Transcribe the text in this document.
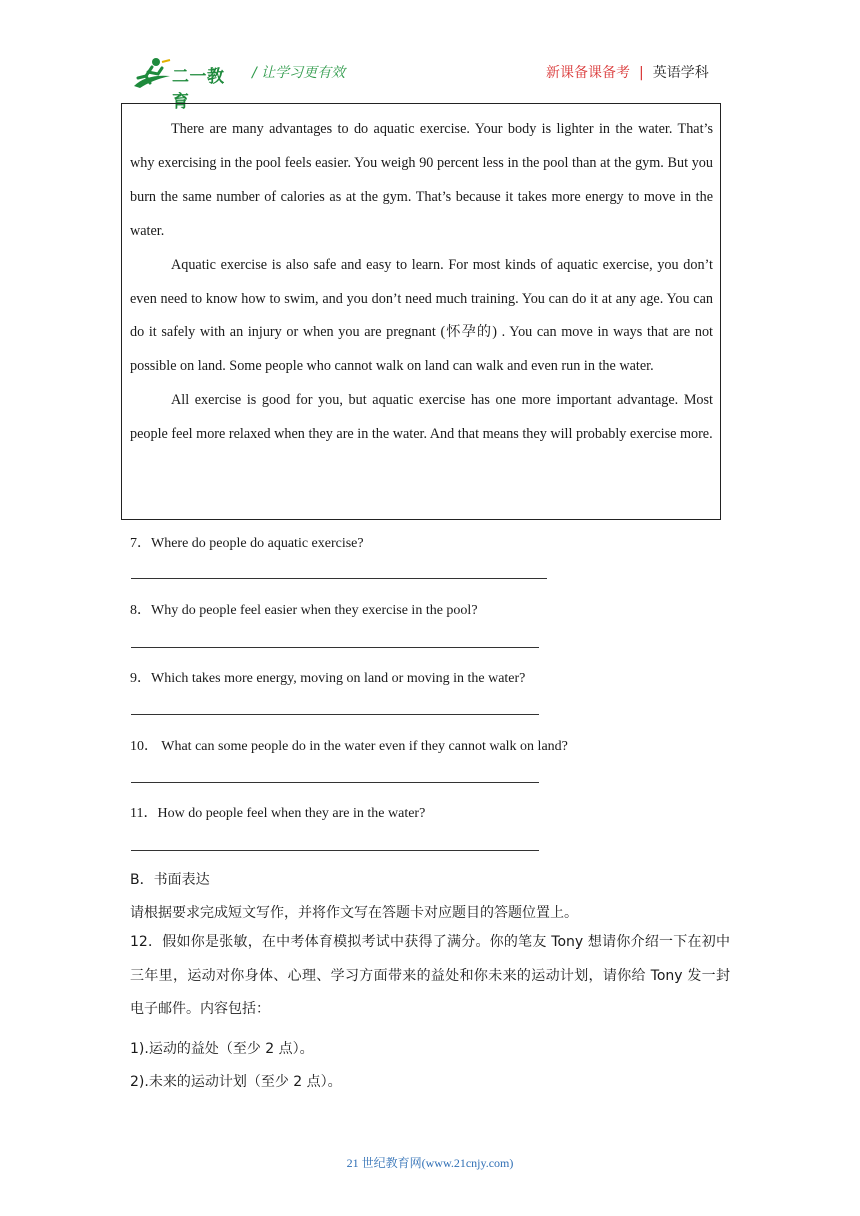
二一教育
/ 让学习更有效	新课备课备考 | 英语学科

There are many advantages to do aquatic exercise. Your body is lighter in the water. That’s why exercising in the pool feels easier. You weigh 90 percent less in the pool than at the gym. But you burn the same number of calories as at the gym. That’s because it takes more energy to move in the water.

Aquatic exercise is also safe and easy to learn. For most kinds of aquatic exercise, you don’t even need to know how to swim, and you don’t need much training. You can do it at any age. You can do it safely with an injury or when you are pregnant (怀孕的) . You can move in ways that are not possible on land. Some people who cannot walk on land can walk and even run in the water.

All exercise is good for you, but aquatic exercise has one more important advantage. Most people feel more relaxed when they are in the water. And that means they will probably exercise more.

7．Where do people do aquatic exercise?
8．Why do people feel easier when they exercise in the pool?
9．Which takes more energy, moving on land or moving in the water?
10． What can some people do in the water even if they cannot walk on land?
11．How do people feel when they are in the water?
B．书面表达
请根据要求完成短文写作，并将作文写在答题卡对应题目的答题位置上。

12．假如你是张敏，在中考体育模拟考试中获得了满分。你的笔友 Tony 想请你介绍一下在初中三年里，运动对你身体、心理、学习方面带来的益处和你未来的运动计划，请你给 Tony 发一封电子邮件。内容包括：

1).运动的益处（至少 2 点）。
2).未来的运动计划（至少 2 点）。
21 世纪教育网(www.21cnjy.com)
